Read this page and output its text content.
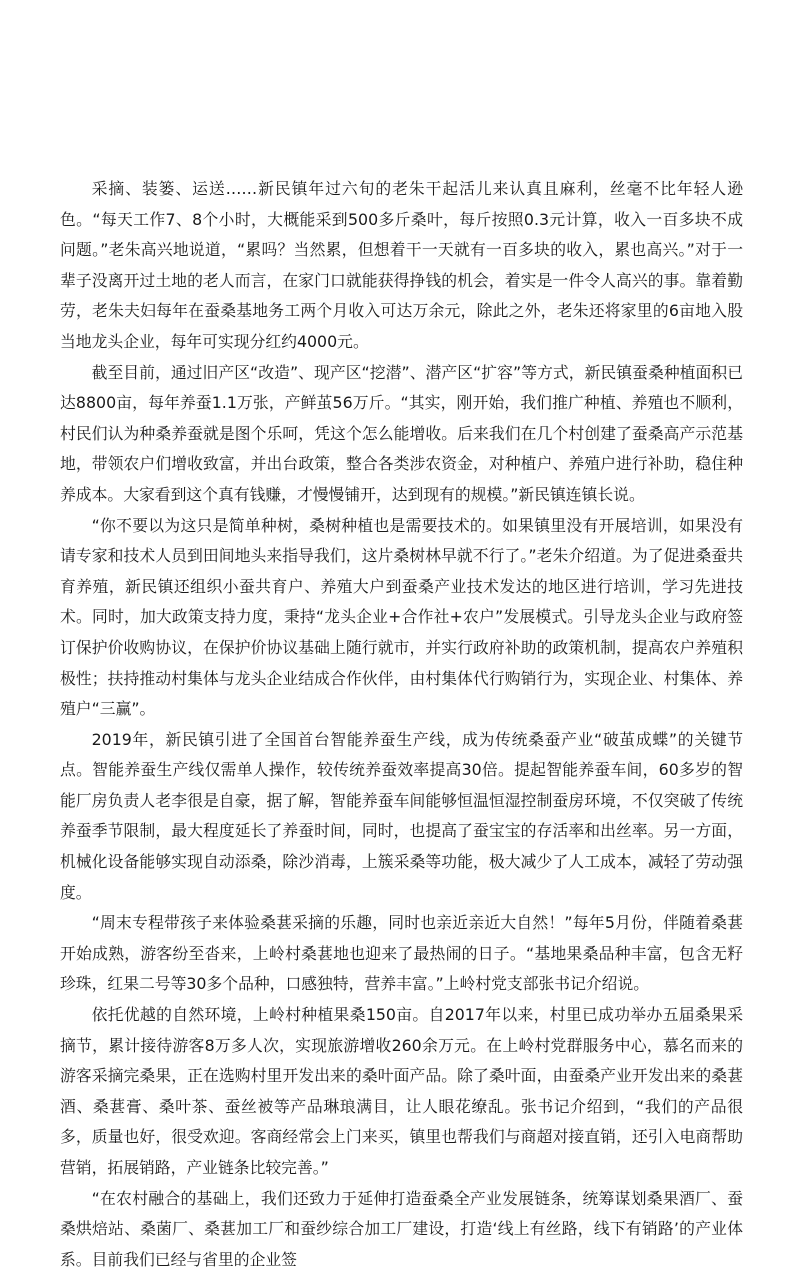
采摘、装篓、运送……新民镇年过六旬的老朱干起活儿来认真且麻利，丝毫不比年轻人逊色。“每天工作7、8个小时，大概能采到500多斤桑叶，每斤按照0.3元计算，收入一百多块不成问题。”老朱高兴地说道，“累吗？当然累，但想着干一天就有一百多块的收入，累也高兴。”对于一辈子没离开过土地的老人而言，在家门口就能获得挣钱的机会，着实是一件令人高兴的事。靠着勤劳，老朱夫妇每年在蚕桑基地务工两个月收入可达万余元，除此之外，老朱还将家里的6亩地入股当地龙头企业，每年可实现分红约4000元。

截至目前，通过旧产区“改造”、现产区“挖潜”、潜产区“扩容”等方式，新民镇蚕桑种植面积已达8800亩，每年养蚕1.1万张，产鲜茧56万斤。“其实，刚开始，我们推广种植、养殖也不顺利，村民们认为种桑养蚕就是图个乐呵，凭这个怎么能增收。后来我们在几个村创建了蚕桑高产示范基地，带领农户们增收致富，并出台政策，整合各类涉农资金，对种植户、养殖户进行补助，稳住种养成本。大家看到这个真有钱赚，才慢慢铺开，达到现有的规模。”新民镇连镇长说。

“你不要以为这只是简单种树，桑树种植也是需要技术的。如果镇里没有开展培训，如果没有请专家和技术人员到田间地头来指导我们，这片桑树林早就不行了。”老朱介绍道。为了促进桑蚕共育养殖，新民镇还组织小蚕共育户、养殖大户到蚕桑产业技术发达的地区进行培训，学习先进技术。同时，加大政策支持力度，秉持“龙头企业+合作社+农户”发展模式。引导龙头企业与政府签订保护价收购协议，在保护价协议基础上随行就市，并实行政府补助的政策机制，提高农户养殖积极性；扶持推动村集体与龙头企业结成合作伙伴，由村集体代行购销行为，实现企业、村集体、养殖户“三赢”。

2019年，新民镇引进了全国首台智能养蚕生产线，成为传统桑蚕产业“破茧成蝶”的关键节点。智能养蚕生产线仅需单人操作，较传统养蚕效率提高30倍。提起智能养蚕车间，60多岁的智能厂房负责人老李很是自豪，据了解，智能养蚕车间能够恒温恒湿控制蚕房环境，不仅突破了传统养蚕季节限制，最大程度延长了养蚕时间，同时，也提高了蚕宝宝的存活率和出丝率。另一方面，机械化设备能够实现自动添桑，除沙消毒，上簇采桑等功能，极大减少了人工成本，减轻了劳动强度。

“周末专程带孩子来体验桑葚采摘的乐趣，同时也亲近亲近大自然！”每年5月份，伴随着桑葚开始成熟，游客纷至沓来，上岭村桑葚地也迎来了最热闹的日子。“基地果桑品种丰富，包含无籽珍珠，红果二号等30多个品种，口感独特，营养丰富。”上岭村党支部张书记介绍说。

依托优越的自然环境，上岭村种植果桑150亩。自2017年以来，村里已成功举办五届桑果采摘节，累计接待游客8万多人次，实现旅游增收260余万元。在上岭村党群服务中心，慕名而来的游客采摘完桑果，正在选购村里开发出来的桑叶面产品。除了桑叶面，由蚕桑产业开发出来的桑葚酒、桑葚膏、桑叶茶、蚕丝被等产品琳琅满目，让人眼花缭乱。张书记介绍到，“我们的产品很多，质量也好，很受欢迎。客商经常会上门来买，镇里也帮我们与商超对接直销，还引入电商帮助营销，拓展销路，产业链条比较完善。”

“在农村融合的基础上，我们还致力于延伸打造蚕桑全产业发展链条，统筹谋划桑果酒厂、蚕桑烘焙站、桑菌厂、桑葚加工厂和蚕纱综合加工厂建设，打造‘线上有丝路，线下有销路’的产业体系。目前我们已经与省里的企业签
